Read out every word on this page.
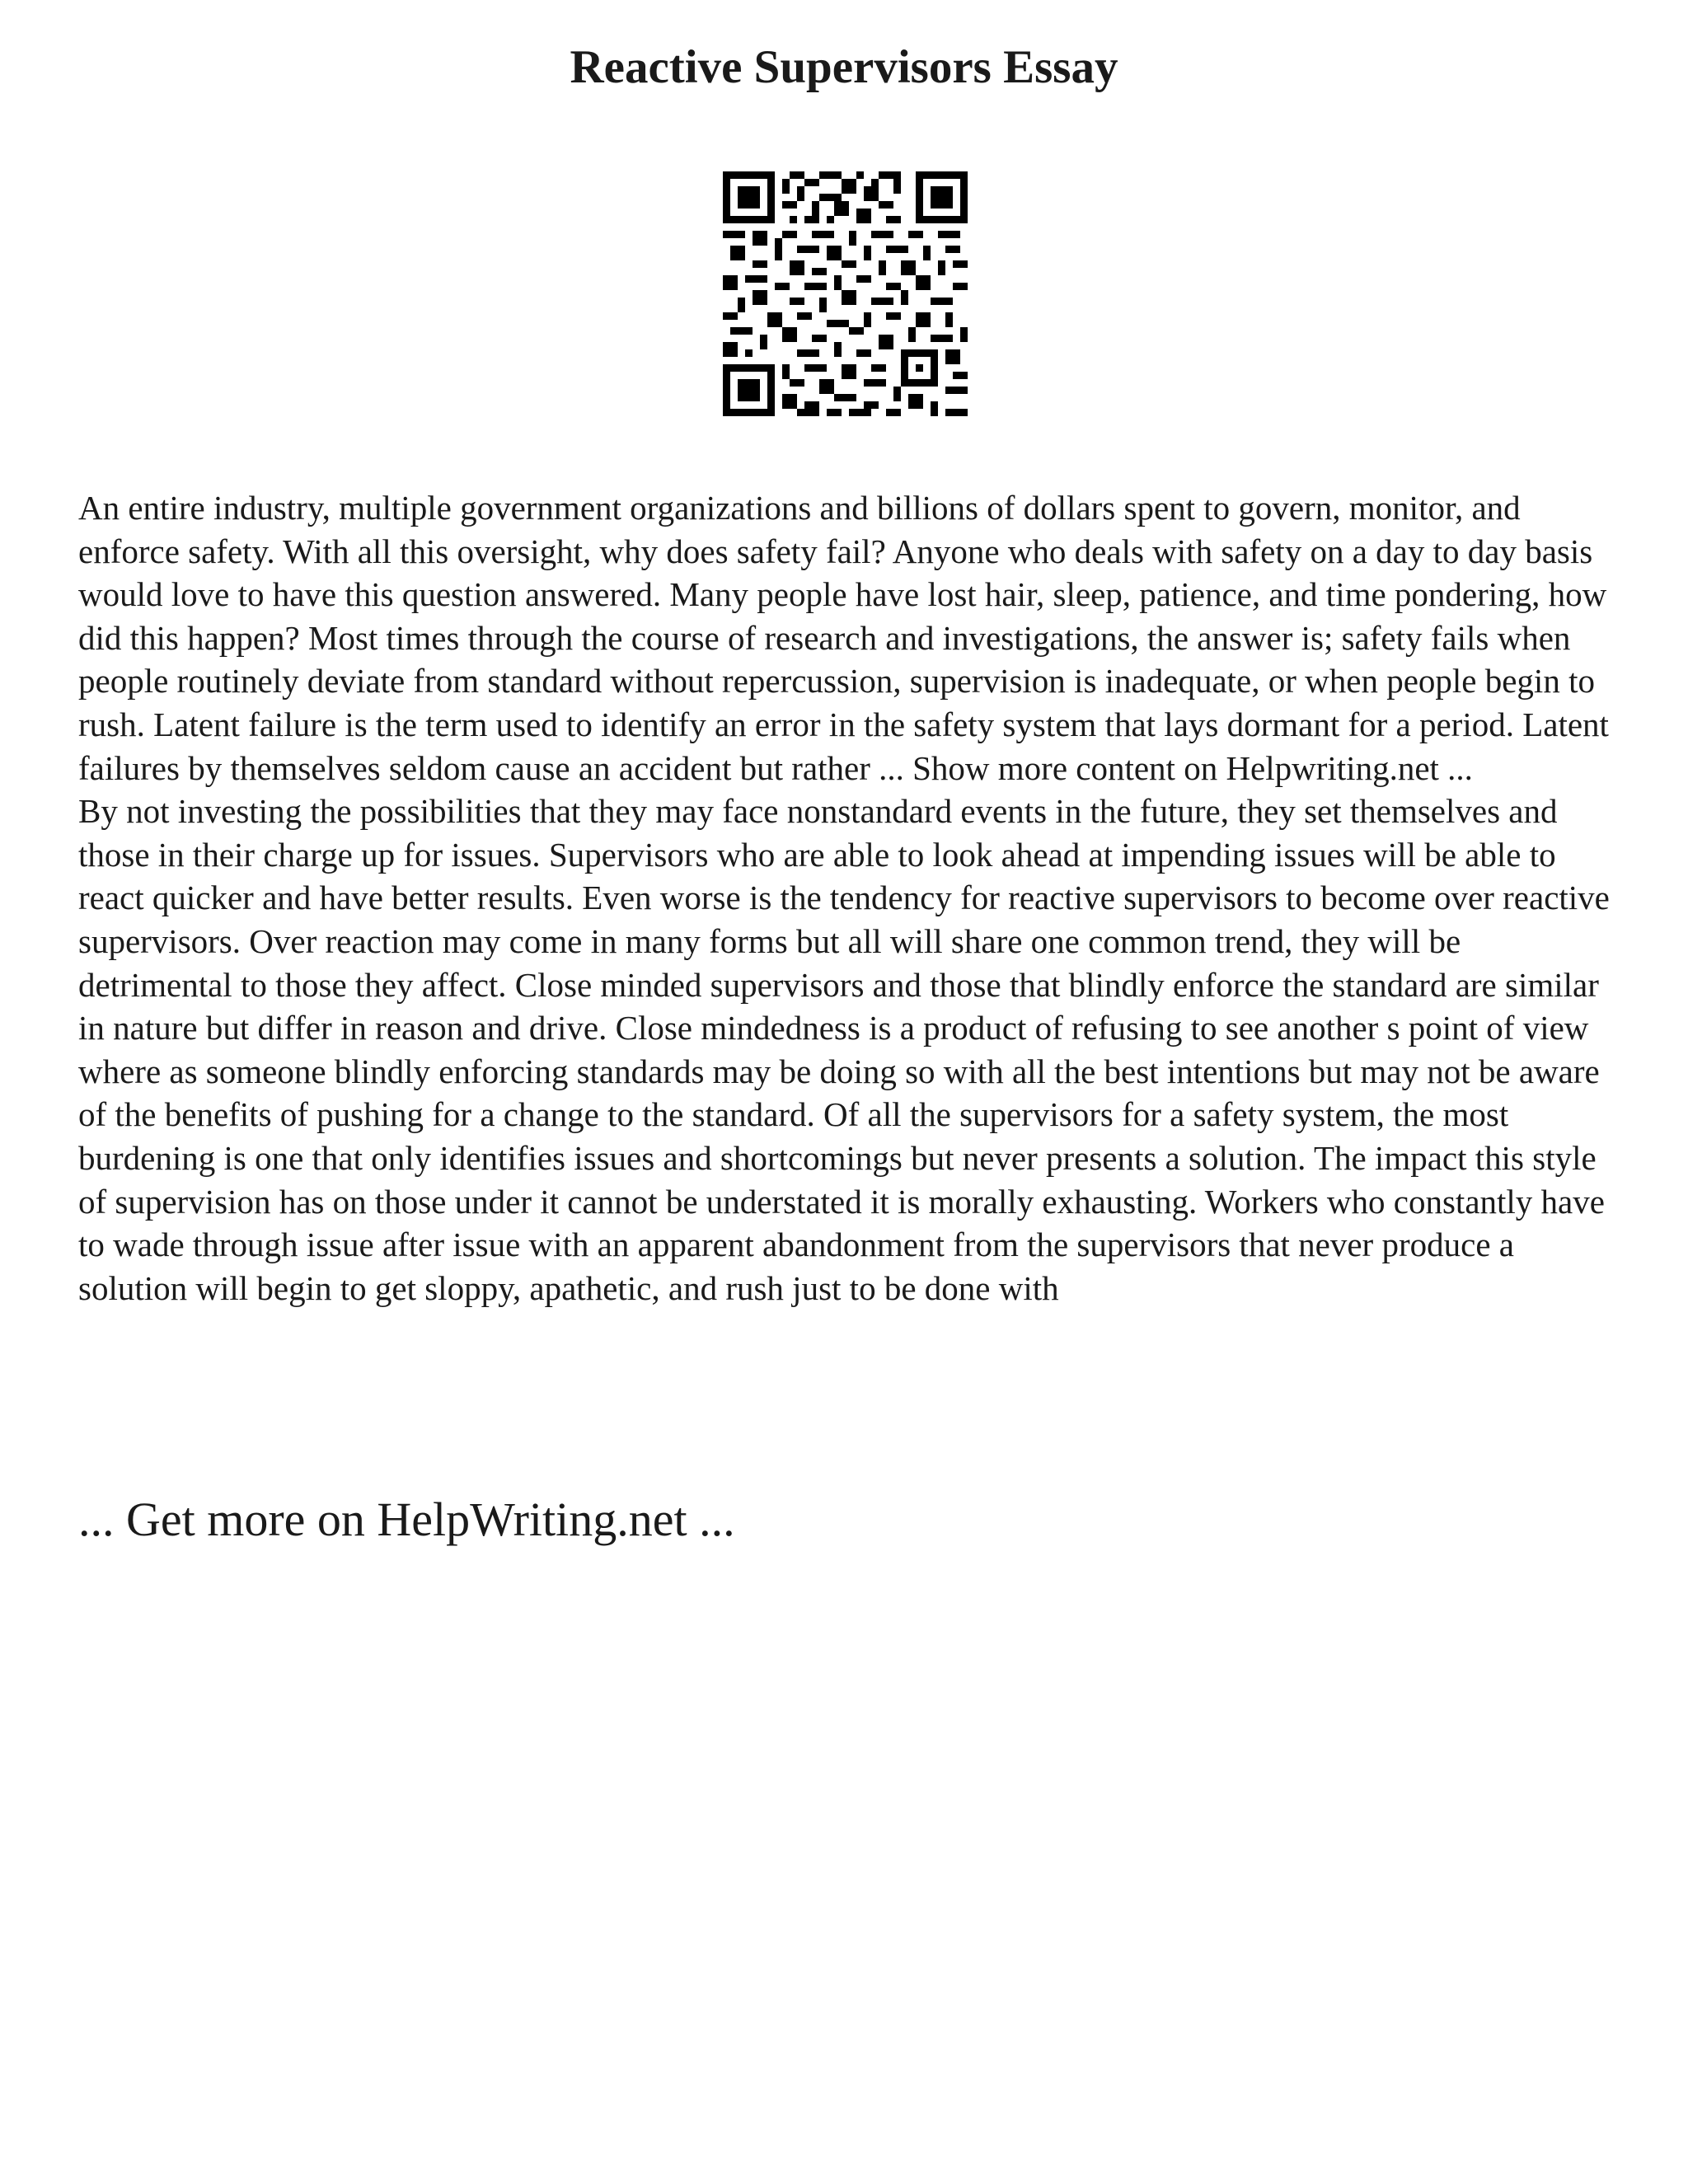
Reactive Supervisors Essay

An entire industry, multiple government organizations and billions of dollars spent to govern, monitor, and enforce safety. With all this oversight, why does safety fail? Anyone who deals with safety on a day to day basis would love to have this question answered. Many people have lost hair, sleep, patience, and time pondering, how did this happen? Most times through the course of research and investigations, the answer is; safety fails when people routinely deviate from standard without repercussion, supervision is inadequate, or when people begin to rush. Latent failure is the term used to identify an error in the safety system that lays dormant for a period. Latent failures by themselves seldom cause an accident but rather ... Show more content on Helpwriting.net ...

By not investing the possibilities that they may face nonstandard events in the future, they set themselves and those in their charge up for issues. Supervisors who are able to look ahead at impending issues will be able to react quicker and have better results. Even worse is the tendency for reactive supervisors to become over reactive supervisors. Over reaction may come in many forms but all will share one common trend, they will be detrimental to those they affect. Close minded supervisors and those that blindly enforce the standard are similar in nature but differ in reason and drive. Close mindedness is a product of refusing to see another s point of view where as someone blindly enforcing standards may be doing so with all the best intentions but may not be aware of the benefits of pushing for a change to the standard. Of all the supervisors for a safety system, the most burdening is one that only identifies issues and shortcomings but never presents a solution. The impact this style of supervision has on those under it cannot be understated it is morally exhausting. Workers who constantly have to wade through issue after issue with an apparent abandonment from the supervisors that never produce a solution will begin to get sloppy, apathetic, and rush just to be done with

... Get more on HelpWriting.net ...
